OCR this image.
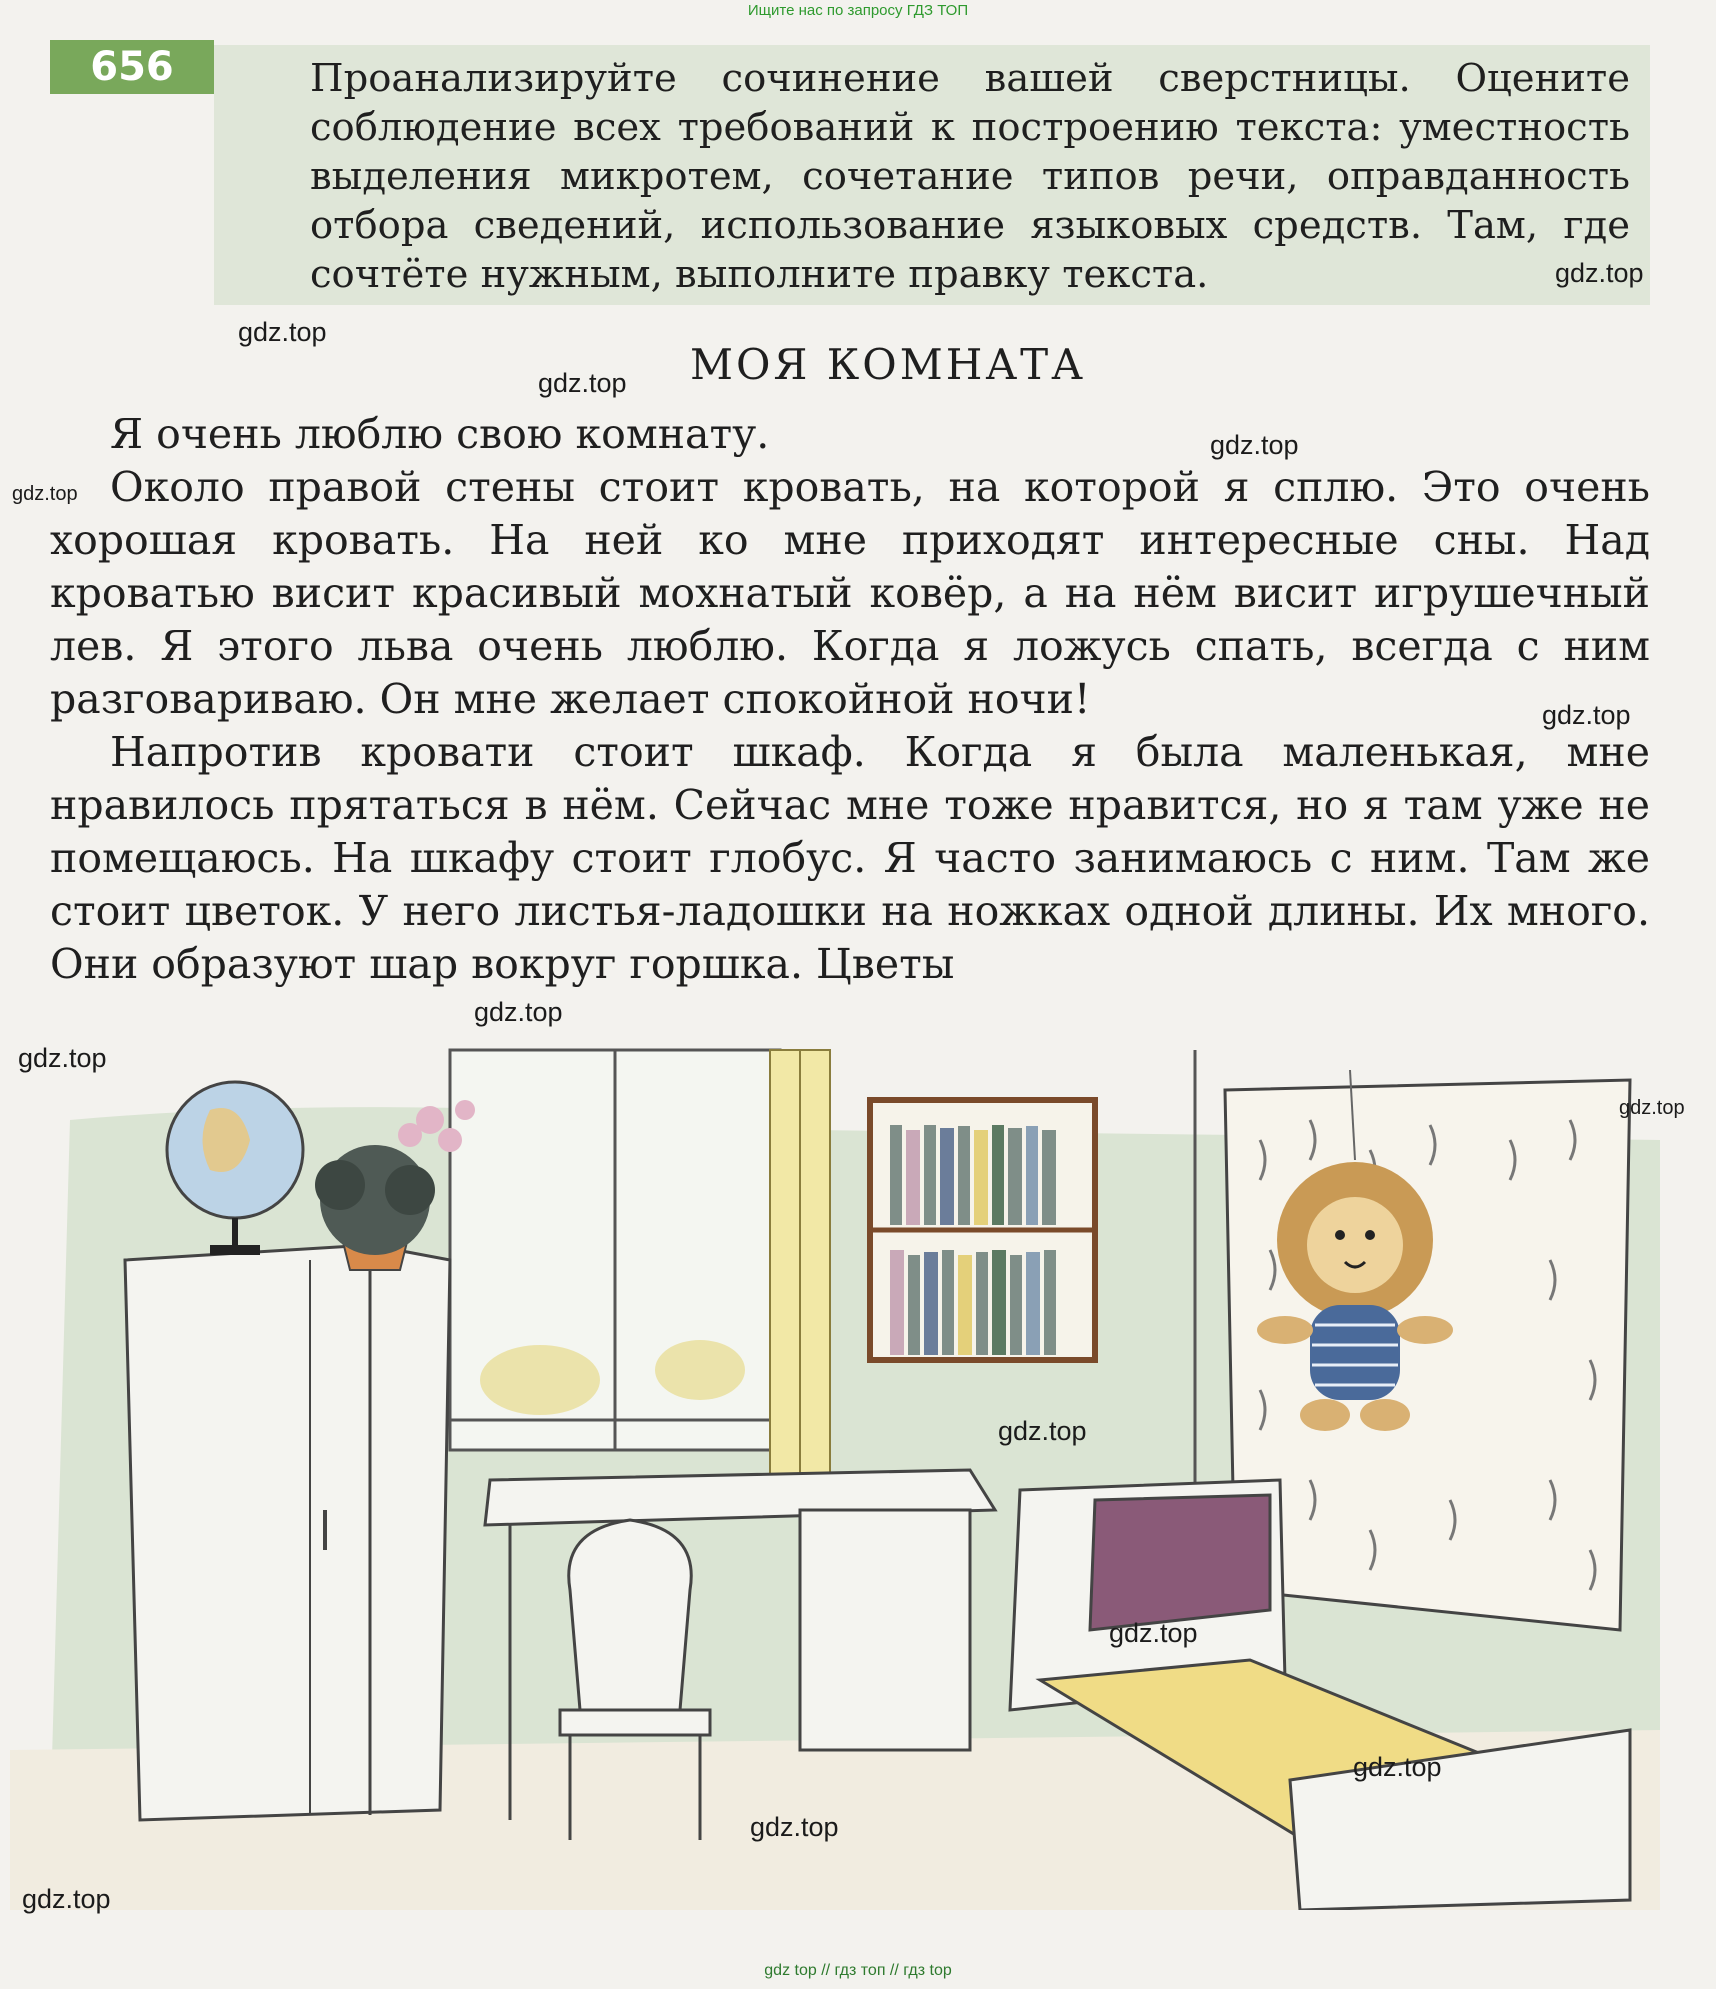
Ищите нас по запросу ГДЗ ТОП
656	Проанализируйте сочинение вашей сверстницы. Оцените соблюдение всех требований к построению текста: уместность выделения микротем, сочетание типов речи, оправданность отбора сведений, использование языковых средств. Там, где сочтёте нужным, выполните правку текста.
МОЯ КОМНАТА

Я очень люблю свою комнату.

Около правой стены стоит кровать, на которой я сплю. Это очень хорошая кровать. На ней ко мне приходят интересные сны. Над кроватью висит красивый мохнатый ковёр, а на нём висит игрушечный лев. Я этого льва очень люблю. Когда я ложусь спать, всегда с ним разговариваю. Он мне желает спокойной ночи!

Напротив кровати стоит шкаф. Когда я была маленькая, мне нравилось прятаться в нём. Сейчас мне тоже нравится, но я там уже не помещаюсь. На шкафу стоит глобус. Я часто занимаюсь с ним. Там же стоит цветок. У него листья-ладошки на ножках одной длины. Их много. Они образуют шар вокруг горшка. Цветы

gdz.top
gdz.top
gdz.top
gdz.top
gdz.top
gdz.top
gdz.top
gdz.top
gdz.top
gdz.top
gdz.top
gdz.top
gdz.top
gdz.top
gdz top // гдз топ // гдз top
